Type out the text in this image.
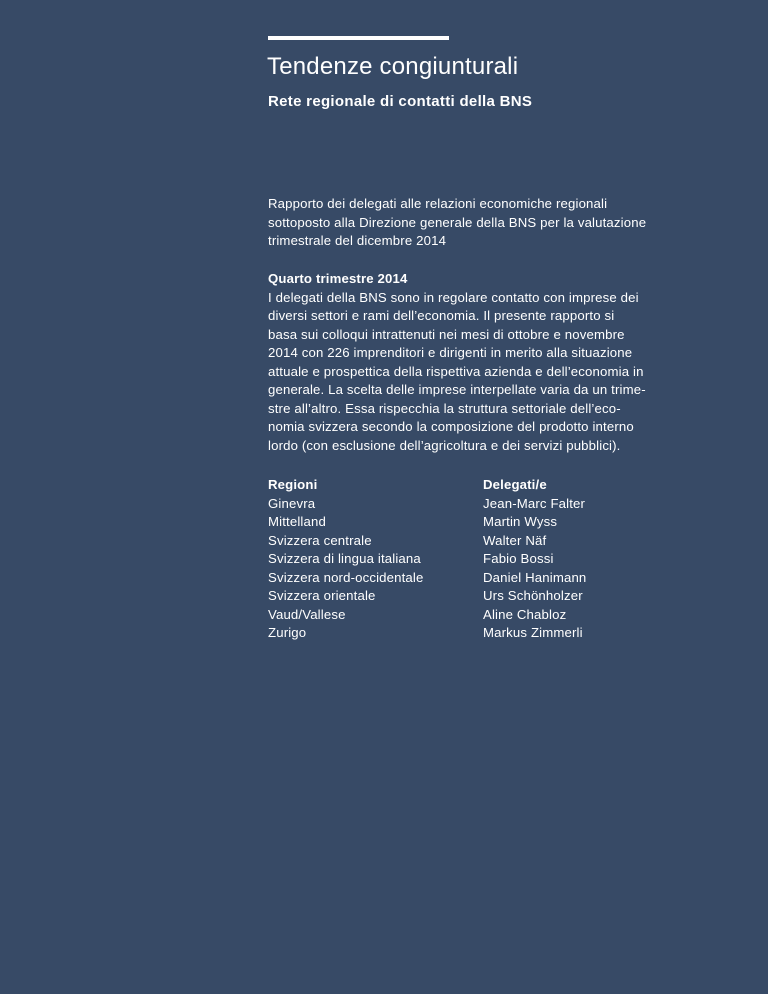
Tendenze congiunturali
Rete regionale di contatti della BNS

Rapporto dei delegati alle relazioni economiche regionali
sottoposto alla Direzione generale della BNS per la valutazione
trimestrale del dicembre 2014

Quarto trimestre 2014
I delegati della BNS sono in regolare contatto con imprese dei
diversi settori e rami dell’economia. Il presente rapporto si
basa sui colloqui intrattenuti nei mesi di ottobre e novembre
2014 con 226 imprenditori e dirigenti in merito alla situazione
attuale e prospettica della rispettiva azienda e dell’economia in
generale. La scelta delle imprese interpellate varia da un trime-
stre all’altro. Essa rispecchia la struttura settoriale dell’eco-
nomia svizzera secondo la composizione del prodotto interno
lordo (con esclusione dell’agricoltura e dei servizi pubblici).
Regioni
Ginevra
Mittelland
Svizzera centrale
Svizzera di lingua italiana
Svizzera nord-occidentale
Svizzera orientale
Vaud/Vallese
Zurigo
Delegati/e
Jean-Marc Falter
Martin Wyss
Walter Näf
Fabio Bossi
Daniel Hanimann
Urs Schönholzer
Aline Chabloz
Markus Zimmerli
